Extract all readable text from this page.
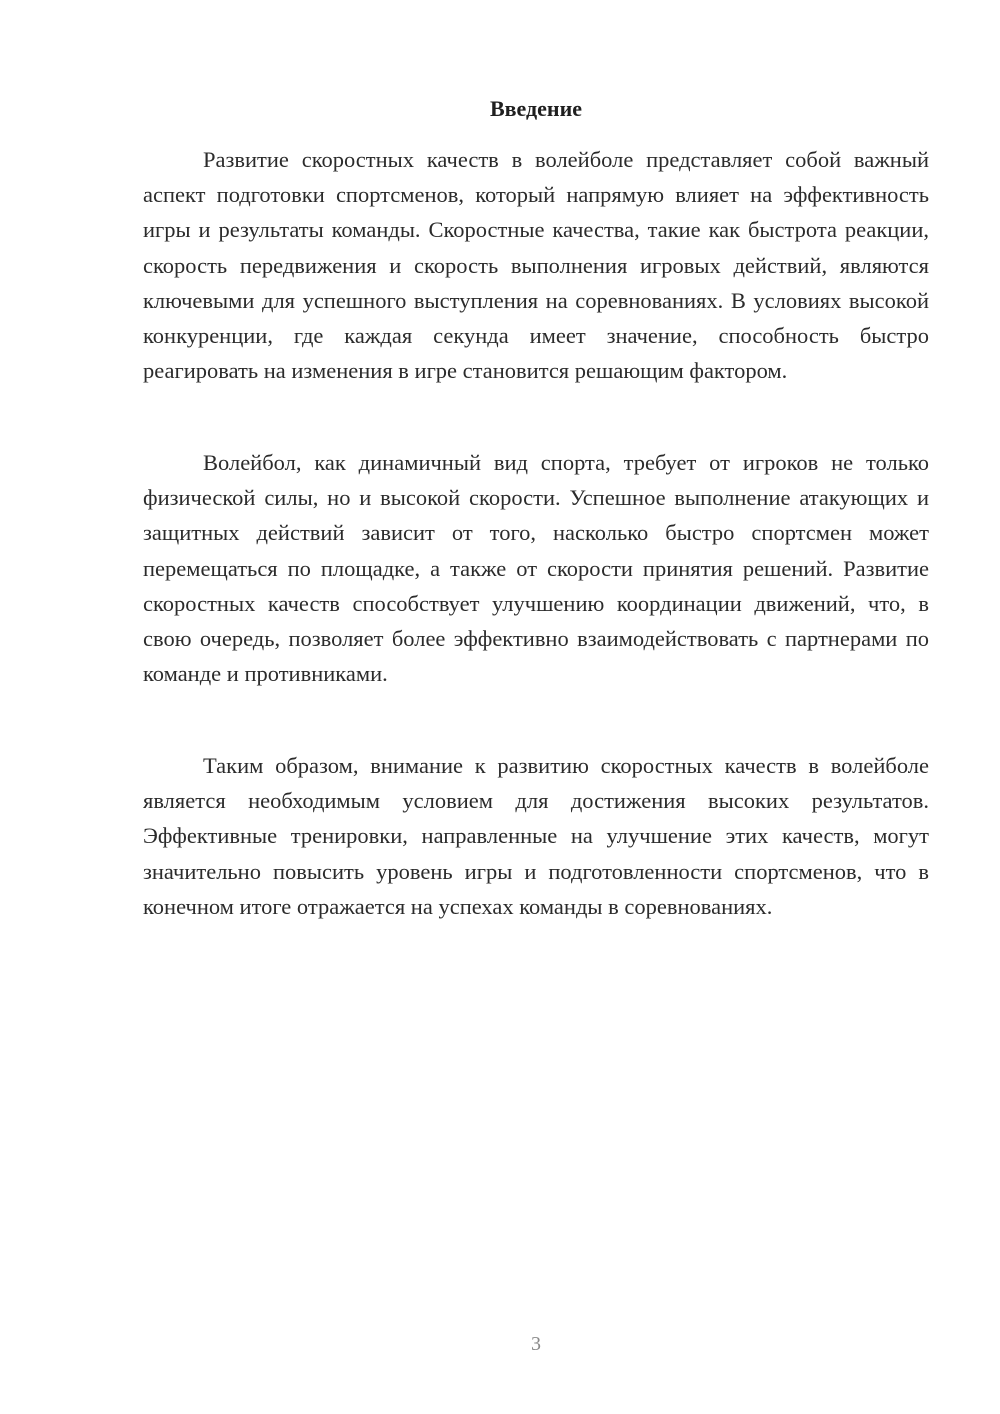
Введение

Развитие скоростных качеств в волейболе представляет собой важный аспект подготовки спортсменов, который напрямую влияет на эффективность игры и результаты команды. Скоростные качества, такие как быстрота реакции, скорость передвижения и скорость выполнения игровых действий, являются ключевыми для успешного выступления на соревнованиях. В условиях высокой конкуренции, где каждая секунда имеет значение, способность быстро реагировать на изменения в игре становится решающим фактором.

Волейбол, как динамичный вид спорта, требует от игроков не только физической силы, но и высокой скорости. Успешное выполнение атакующих и защитных действий зависит от того, насколько быстро спортсмен может перемещаться по площадке, а также от скорости принятия решений. Развитие скоростных качеств способствует улучшению координации движений, что, в свою очередь, позволяет более эффективно взаимодействовать с партнерами по команде и противниками.

Таким образом, внимание к развитию скоростных качеств в волейболе является необходимым условием для достижения высоких результатов. Эффективные тренировки, направленные на улучшение этих качеств, могут значительно повысить уровень игры и подготовленности спортсменов, что в конечном итоге отражается на успехах команды в соревнованиях.

3
